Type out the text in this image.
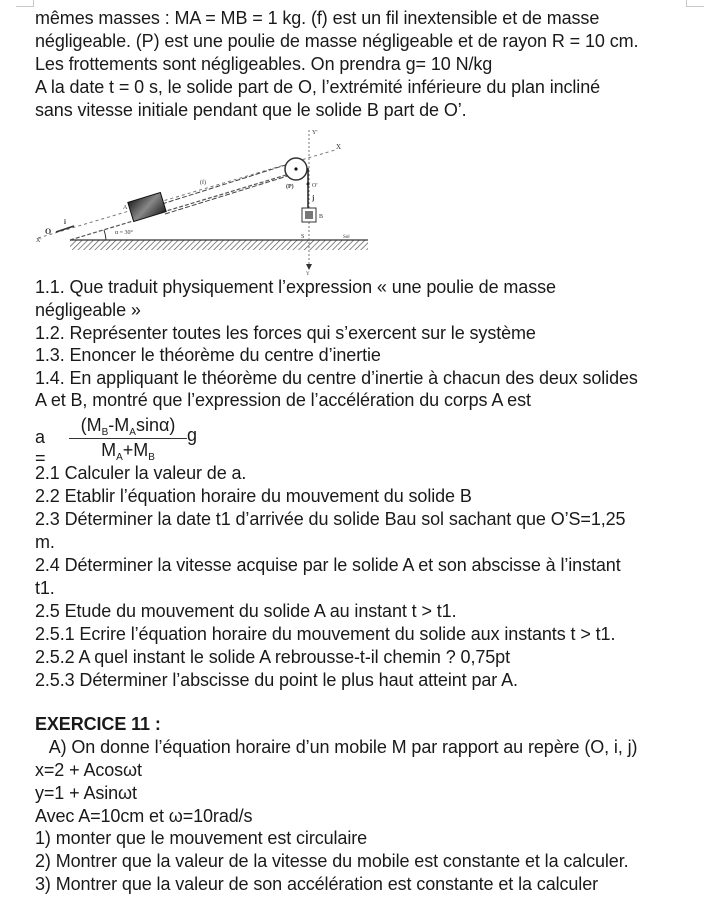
mêmes masses : MA = MB = 1 kg. (f) est un fil inextensible et de masse
négligeable. (P) est une poulie de masse négligeable et de rayon R = 10 cm.
Les frottements sont négligeables. On prendra g= 10 N/kg
A la date t = 0 s, le solide part de O, l’extrémité inférieure du plan incliné
sans vitesse initiale pendant que le solide B part de O’.
Y'
X
X'
O
i
A
(f)
(P)	O'
j
B
α = 30°
S	Sol
Y
1.1. Que traduit physiquement l’expression « une poulie de masse
négligeable »
1.2. Représenter toutes les forces qui s’exercent sur le système
1.3. Enoncer le théorème du centre d’inertie
1.4. En appliquant le théorème du centre d’inertie à chacun des deux solides
A et B, montré que l’expression de l’accélération du corps A est
a =
$(M_B-M_A\sin\alpha)$
$M_A+M_B$
g
2.1 Calculer la valeur de a.
2.2 Etablir l’équation horaire du mouvement du solide B
2.3 Déterminer la date t1 d’arrivée du solide Bau sol sachant que O’S=1,25
m.
2.4 Déterminer la vitesse acquise par le solide A et son abscisse à l’instant
t1.
2.5 Etude du mouvement du solide A au instant t > t1.
2.5.1 Ecrire l’équation horaire du mouvement du solide aux instants t > t1.
2.5.2 A quel instant le solide A rebrousse-t-il chemin ? 0,75pt
2.5.3 Déterminer l’abscisse du point le plus haut atteint par A.
EXERCICE 11 :
A) On donne l’équation horaire d’un mobile M par rapport au repère (O, i, j)
x=2 + Acosωt
y=1 + Asinωt
Avec A=10cm et ω=10rad/s
1) monter que le mouvement est circulaire
2) Montrer que la valeur de la vitesse du mobile est constante et la calculer.
3) Montrer que la valeur de son accélération est constante et la calculer
